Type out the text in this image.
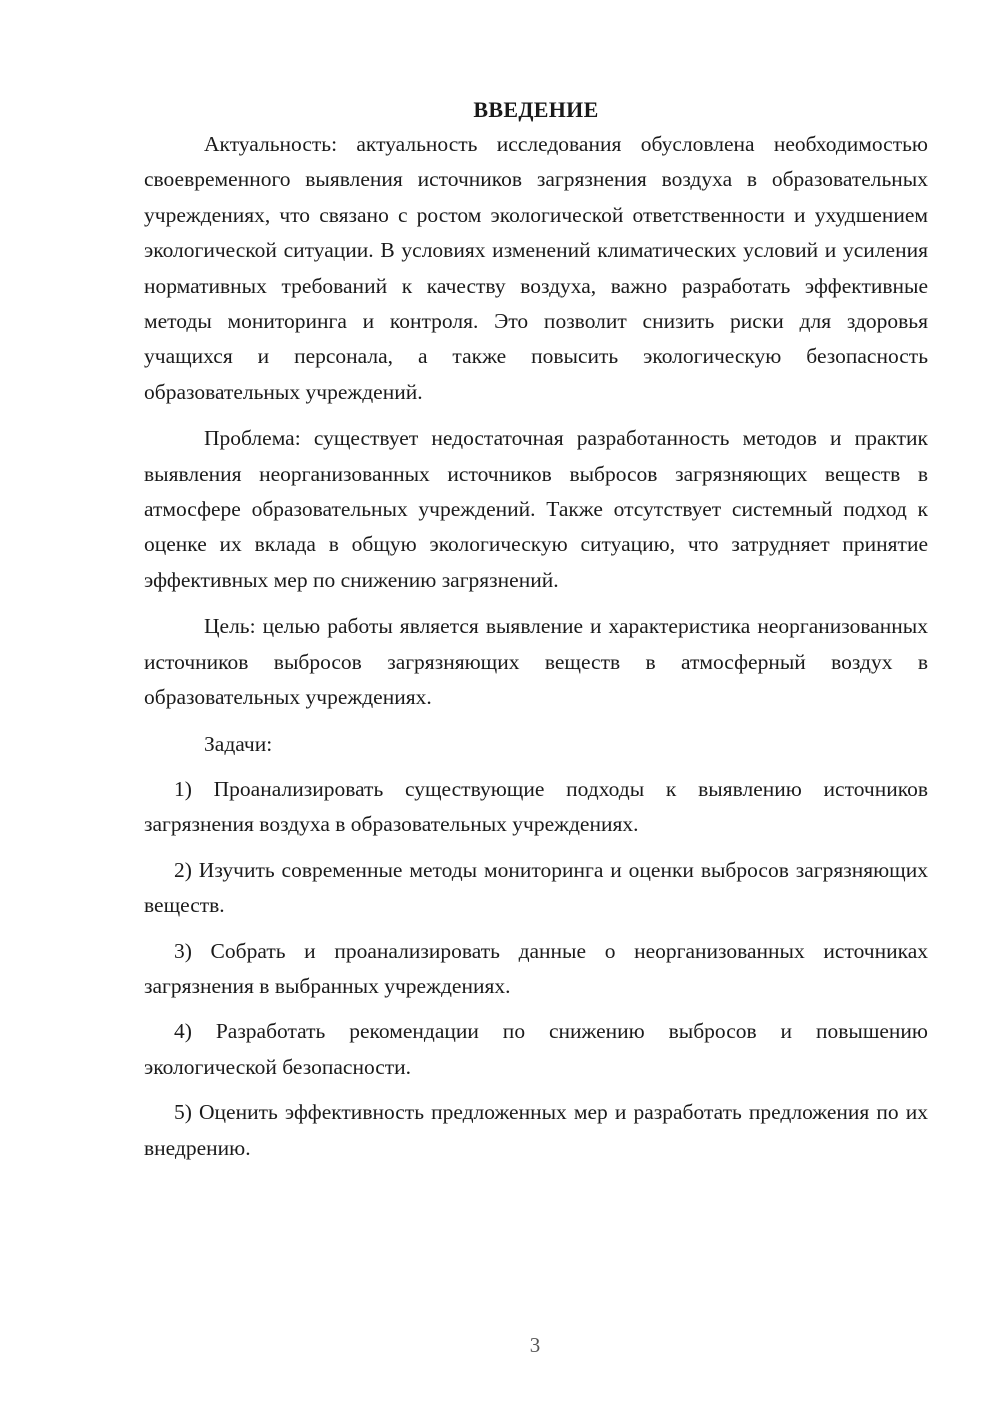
ВВЕДЕНИЕ

Актуальность: актуальность исследования обусловлена необходимостью своевременного выявления источников загрязнения воздуха в образовательных учреждениях, что связано с ростом экологической ответственности и ухудшением экологической ситуации. В условиях изменений климатических условий и усиления нормативных требований к качеству воздуха, важно разработать эффективные методы мониторинга и контроля. Это позволит снизить риски для здоровья учащихся и персонала, а также повысить экологическую безопасность образовательных учреждений.

Проблема: существует недостаточная разработанность методов и практик выявления неорганизованных источников выбросов загрязняющих веществ в атмосфере образовательных учреждений. Также отсутствует системный подход к оценке их вклада в общую экологическую ситуацию, что затрудняет принятие эффективных мер по снижению загрязнений.

Цель: целью работы является выявление и характеристика неорганизованных источников выбросов загрязняющих веществ в атмосферный воздух в образовательных учреждениях.

Задачи:

1) Проанализировать существующие подходы к выявлению источников загрязнения воздуха в образовательных учреждениях.

2) Изучить современные методы мониторинга и оценки выбросов загрязняющих веществ.

3) Собрать и проанализировать данные о неорганизованных источниках загрязнения в выбранных учреждениях.

4) Разработать рекомендации по снижению выбросов и повышению экологической безопасности.

5) Оценить эффективность предложенных мер и разработать предложения по их внедрению.

3
